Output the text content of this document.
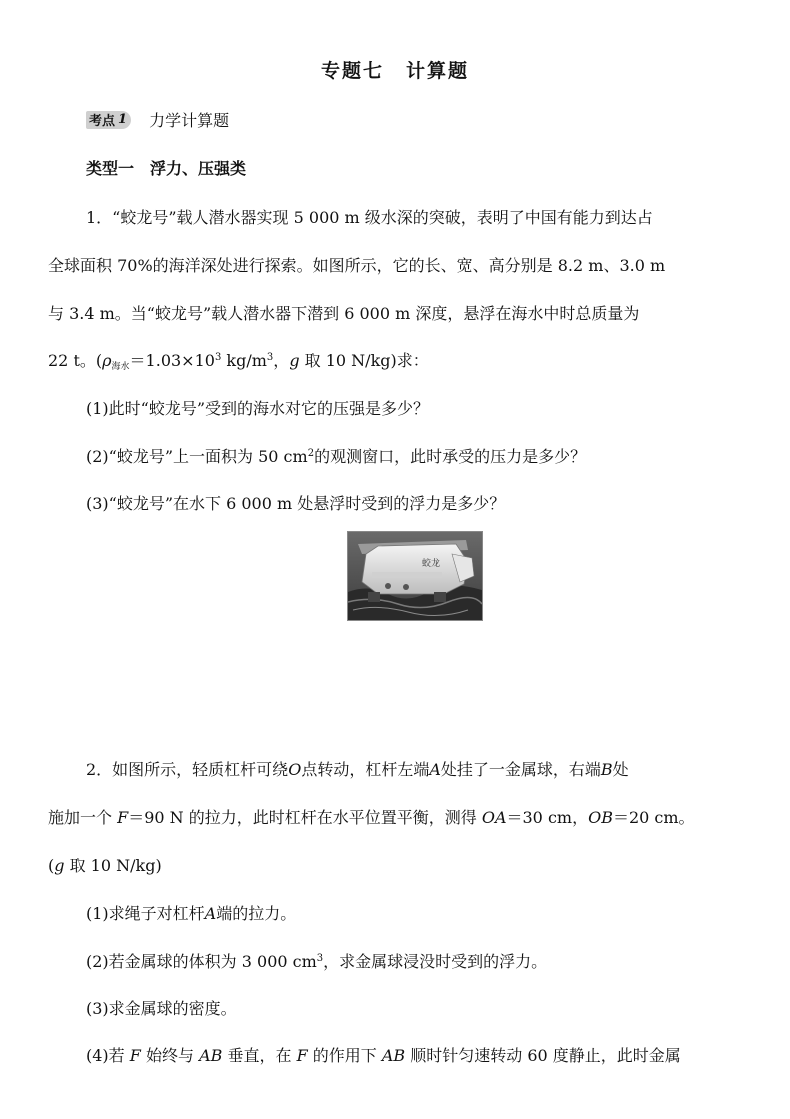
专题七 计算题
考点 1 力学计算题
类型一　浮力、压强类
1．“蛟龙号”载人潜水器实现 5 000 m 级水深的突破，表明了中国有能力到达占
全球面积 70%的海洋深处进行探索。如图所示，它的长、宽、高分别是 8.2 m、3.0 m
与 3.4 m。当“蛟龙号”载人潜水器下潜到 6 000 m 深度，悬浮在海水中时总质量为
22 t。($\rho_{海水}=1.03\times 10^3$ $kg/m^3$，g 取 10 N/kg)求：
(1)此时“蛟龙号”受到的海水对它的压强是多少？
(2)“蛟龙号”上一面积为 50 $cm^2$的观测窗口，此时承受的压力是多少？
(3)“蛟龙号”在水下 6 000 m 处悬浮时受到的浮力是多少？
蛟龙
2．如图所示，轻质杠杆可绕O点转动，杠杆左端A处挂了一金属球，右端B处
施加一个 F＝90 N 的拉力，此时杠杆在水平位置平衡，测得 OA＝30 cm，OB＝20 cm。
(g 取 10 N/kg)
(1)求绳子对杠杆A端的拉力。
(2)若金属球的体积为 3 000 $cm^3$，求金属球浸没时受到的浮力。
(3)求金属球的密度。
(4)若 F 始终与 AB 垂直，在 F 的作用下 AB 顺时针匀速转动 60 度静止，此时金属
